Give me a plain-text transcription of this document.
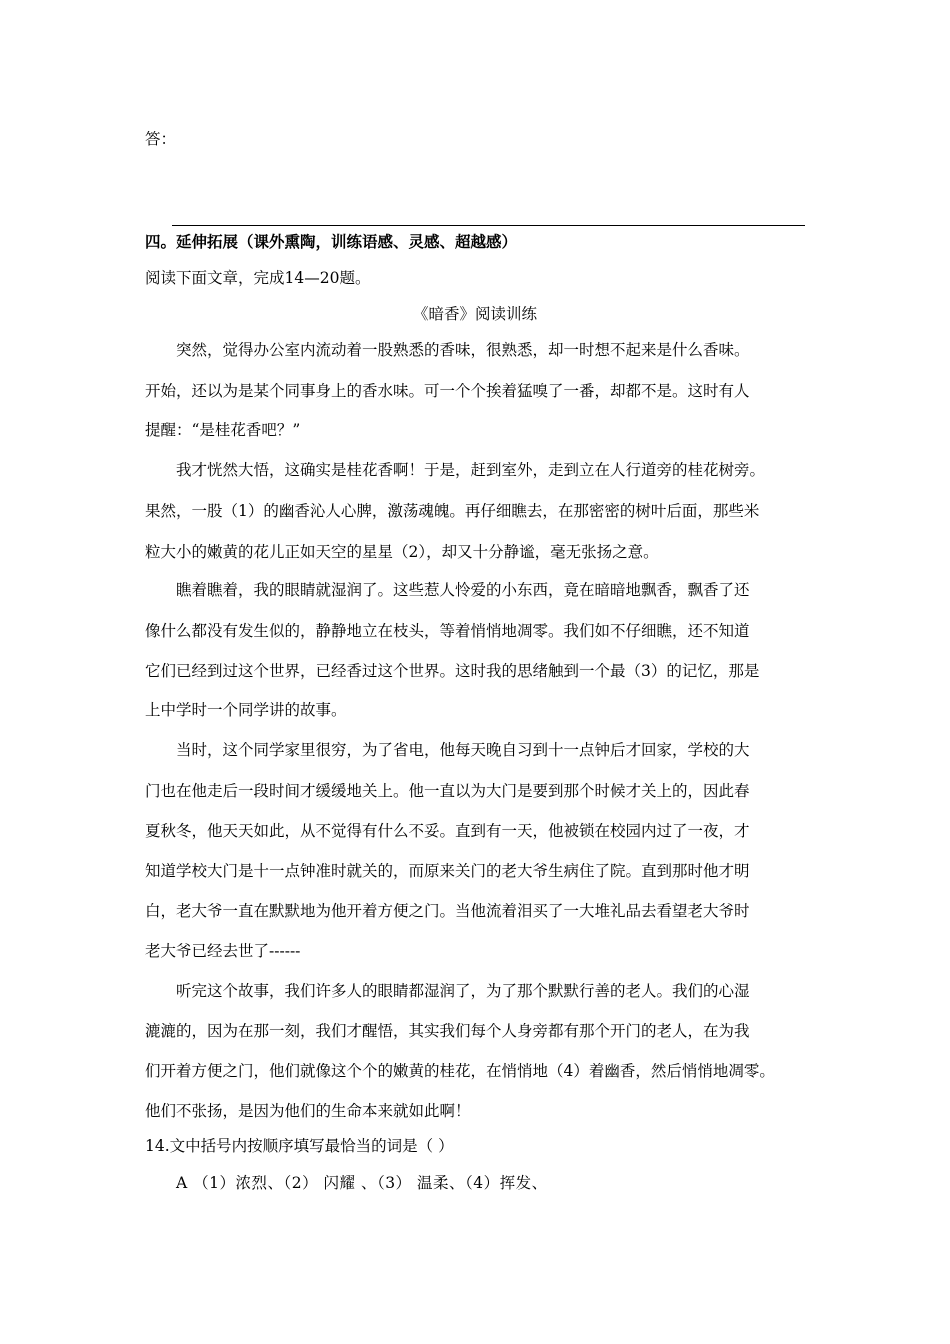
答：
四。延伸拓展（课外熏陶，训练语感、灵感、超越感）
阅读下面文章，完成14—20题。
《暗香》阅读训练
突然，觉得办公室内流动着一股熟悉的香味，很熟悉，却一时想不起来是什么香味。
开始，还以为是某个同事身上的香水味。可一个个挨着猛嗅了一番，却都不是。这时有人
提醒：“是桂花香吧？”
我才恍然大悟，这确实是桂花香啊！于是，赶到室外，走到立在人行道旁的桂花树旁。
果然，一股（1）的幽香沁人心脾，激荡魂魄。再仔细瞧去，在那密密的树叶后面，那些米
粒大小的嫩黄的花儿正如天空的星星（2），却又十分静谧，毫无张扬之意。
瞧着瞧着，我的眼睛就湿润了。这些惹人怜爱的小东西，竟在暗暗地飘香，飘香了还
像什么都没有发生似的，静静地立在枝头，等着悄悄地凋零。我们如不仔细瞧，还不知道
它们已经到过这个世界，已经香过这个世界。这时我的思绪触到一个最（3）的记忆，那是
上中学时一个同学讲的故事。
当时，这个同学家里很穷，为了省电，他每天晚自习到十一点钟后才回家，学校的大
门也在他走后一段时间才缓缓地关上。他一直以为大门是要到那个时候才关上的，因此春
夏秋冬，他天天如此，从不觉得有什么不妥。直到有一天，他被锁在校园内过了一夜，才
知道学校大门是十一点钟准时就关的，而原来关门的老大爷生病住了院。直到那时他才明
白，老大爷一直在默默地为他开着方便之门。当他流着泪买了一大堆礼品去看望老大爷时
老大爷已经去世了------
听完这个故事，我们许多人的眼睛都湿润了，为了那个默默行善的老人。我们的心湿
漉漉的，因为在那一刻，我们才醒悟，其实我们每个人身旁都有那个开门的老人，在为我
们开着方便之门，他们就像这个个的嫩黄的桂花，在悄悄地（4）着幽香，然后悄悄地凋零。
他们不张扬，是因为他们的生命本来就如此啊！
14.文中括号内按顺序填写最恰当的词是（ ）
A （1）浓烈、（2） 闪耀 、（3） 温柔、（4）挥发、
